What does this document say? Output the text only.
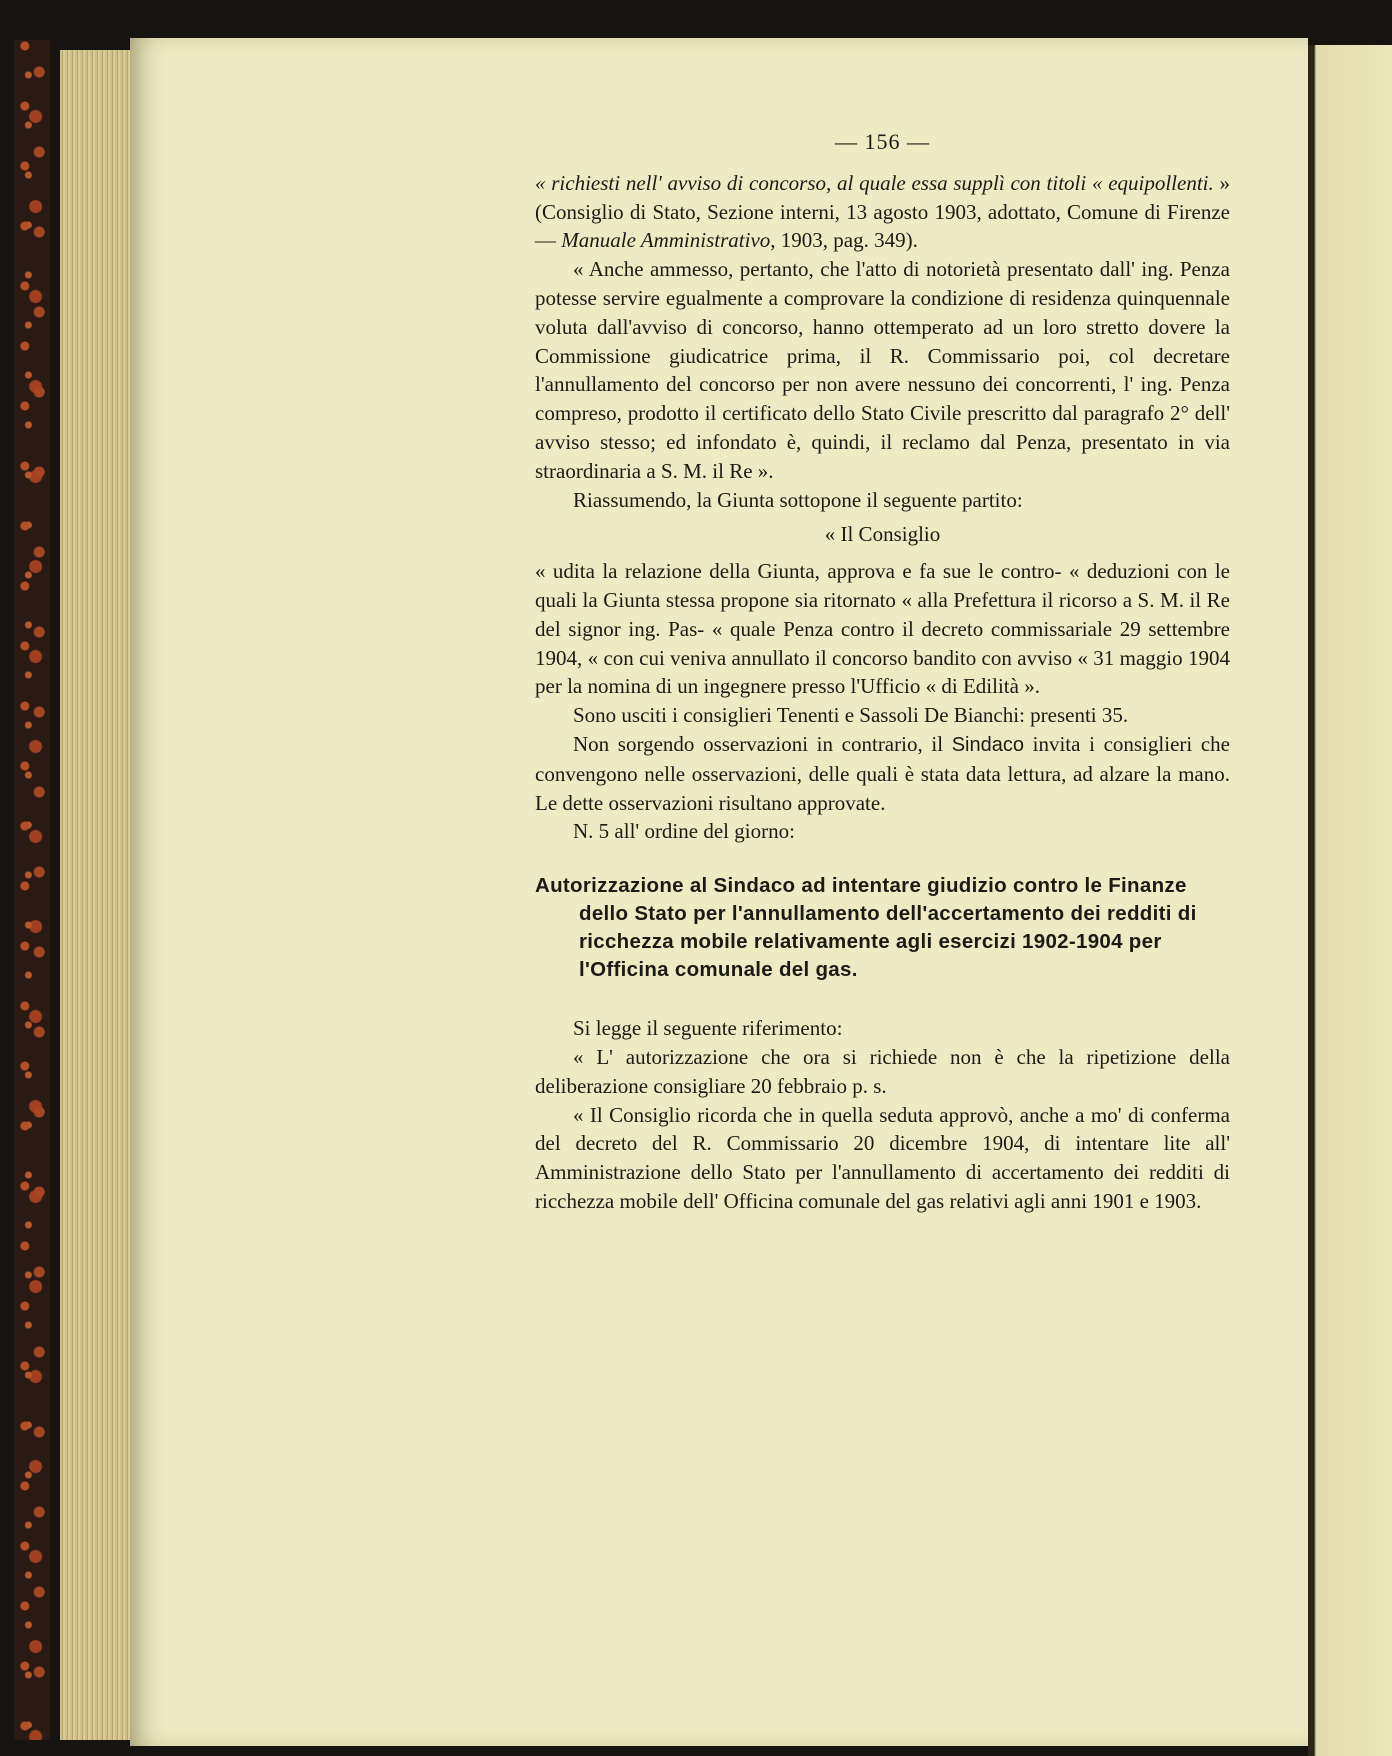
— 156 —

« richiesti nell' avviso di concorso, al quale essa supplì con titoli « equipollenti. » (Consiglio di Stato, Sezione interni, 13 agosto 1903, adottato, Comune di Firenze — Manuale Amministrativo, 1903, pag. 349).

« Anche ammesso, pertanto, che l'atto di notorietà presentato dall' ing. Penza potesse servire egualmente a comprovare la condizione di residenza quinquennale voluta dall'avviso di concorso, hanno ottemperato ad un loro stretto dovere la Commissione giudicatrice prima, il R. Commissario poi, col decretare l'annullamento del concorso per non avere nessuno dei concorrenti, l' ing. Penza compreso, prodotto il certificato dello Stato Civile prescritto dal paragrafo 2° dell' avviso stesso; ed infondato è, quindi, il reclamo dal Penza, presentato in via straordinaria a S. M. il Re ».

Riassumendo, la Giunta sottopone il seguente partito:

« Il Consiglio

« udita la relazione della Giunta, approva e fa sue le contro- « deduzioni con le quali la Giunta stessa propone sia ritornato « alla Prefettura il ricorso a S. M. il Re del signor ing. Pas- « quale Penza contro il decreto commissariale 29 settembre 1904, « con cui veniva annullato il concorso bandito con avviso « 31 maggio 1904 per la nomina di un ingegnere presso l'Ufficio « di Edilità ».

Sono usciti i consiglieri Tenenti e Sassoli De Bianchi: presenti 35.

Non sorgendo osservazioni in contrario, il Sindaco invita i consiglieri che convengono nelle osservazioni, delle quali è stata data lettura, ad alzare la mano. Le dette osservazioni risultano approvate.

N. 5 all' ordine del giorno:

Autorizzazione al Sindaco ad intentare giudizio contro le Finanze dello Stato per l'annullamento dell'accertamento dei redditi di ricchezza mobile relativamente agli esercizi 1902-1904 per l'Officina comunale del gas.

Si legge il seguente riferimento:

« L' autorizzazione che ora si richiede non è che la ripetizione della deliberazione consigliare 20 febbraio p. s.

« Il Consiglio ricorda che in quella seduta approvò, anche a mo' di conferma del decreto del R. Commissario 20 dicembre 1904, di intentare lite all' Amministrazione dello Stato per l'annullamento di accertamento dei redditi di ricchezza mobile dell' Officina comunale del gas relativi agli anni 1901 e 1903.
